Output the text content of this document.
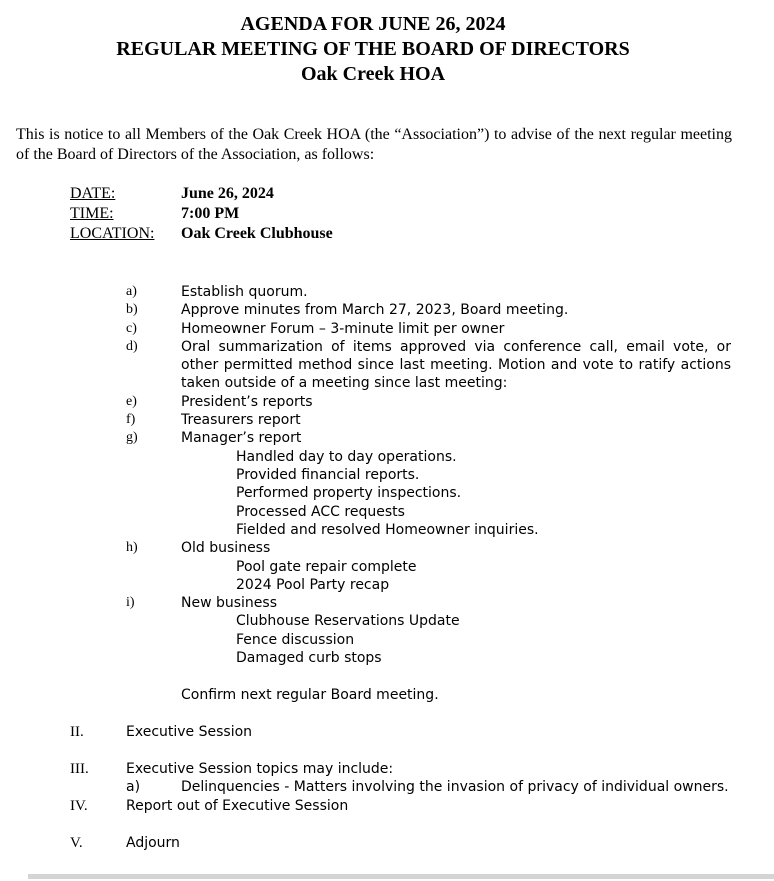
AGENDA FOR JUNE 26, 2024
REGULAR MEETING OF THE BOARD OF DIRECTORS
Oak Creek HOA
This is notice to all Members of the Oak Creek HOA (the “Association”) to advise of the next regular meeting of the Board of Directors of the Association, as follows:
DATE:	June 26, 2024
TIME:	7:00 PM
LOCATION:	Oak Creek Clubhouse
a)	Establish quorum.
b)	Approve minutes from March 27, 2023, Board meeting.
c)	Homeowner Forum – 3-minute limit per owner
d)	Oral summarization of items approved via conference call, email vote, or other permitted method since last meeting. Motion and vote to ratify actions taken outside of a meeting since last meeting:
e)	President’s reports
f)	Treasurers report
g)	Manager’s report
Handled day to day operations.
Provided financial reports.
Performed property inspections.
Processed ACC requests
Fielded and resolved Homeowner inquiries.
h)	Old business
Pool gate repair complete
2024 Pool Party recap
i)	New business
Clubhouse Reservations Update
Fence discussion
Damaged curb stops
Confirm next regular Board meeting.
II.	Executive Session
III.	Executive Session topics may include:
a)	Delinquencies - Matters involving the invasion of privacy of individual owners.
IV.	Report out of Executive Session
V.	Adjourn
